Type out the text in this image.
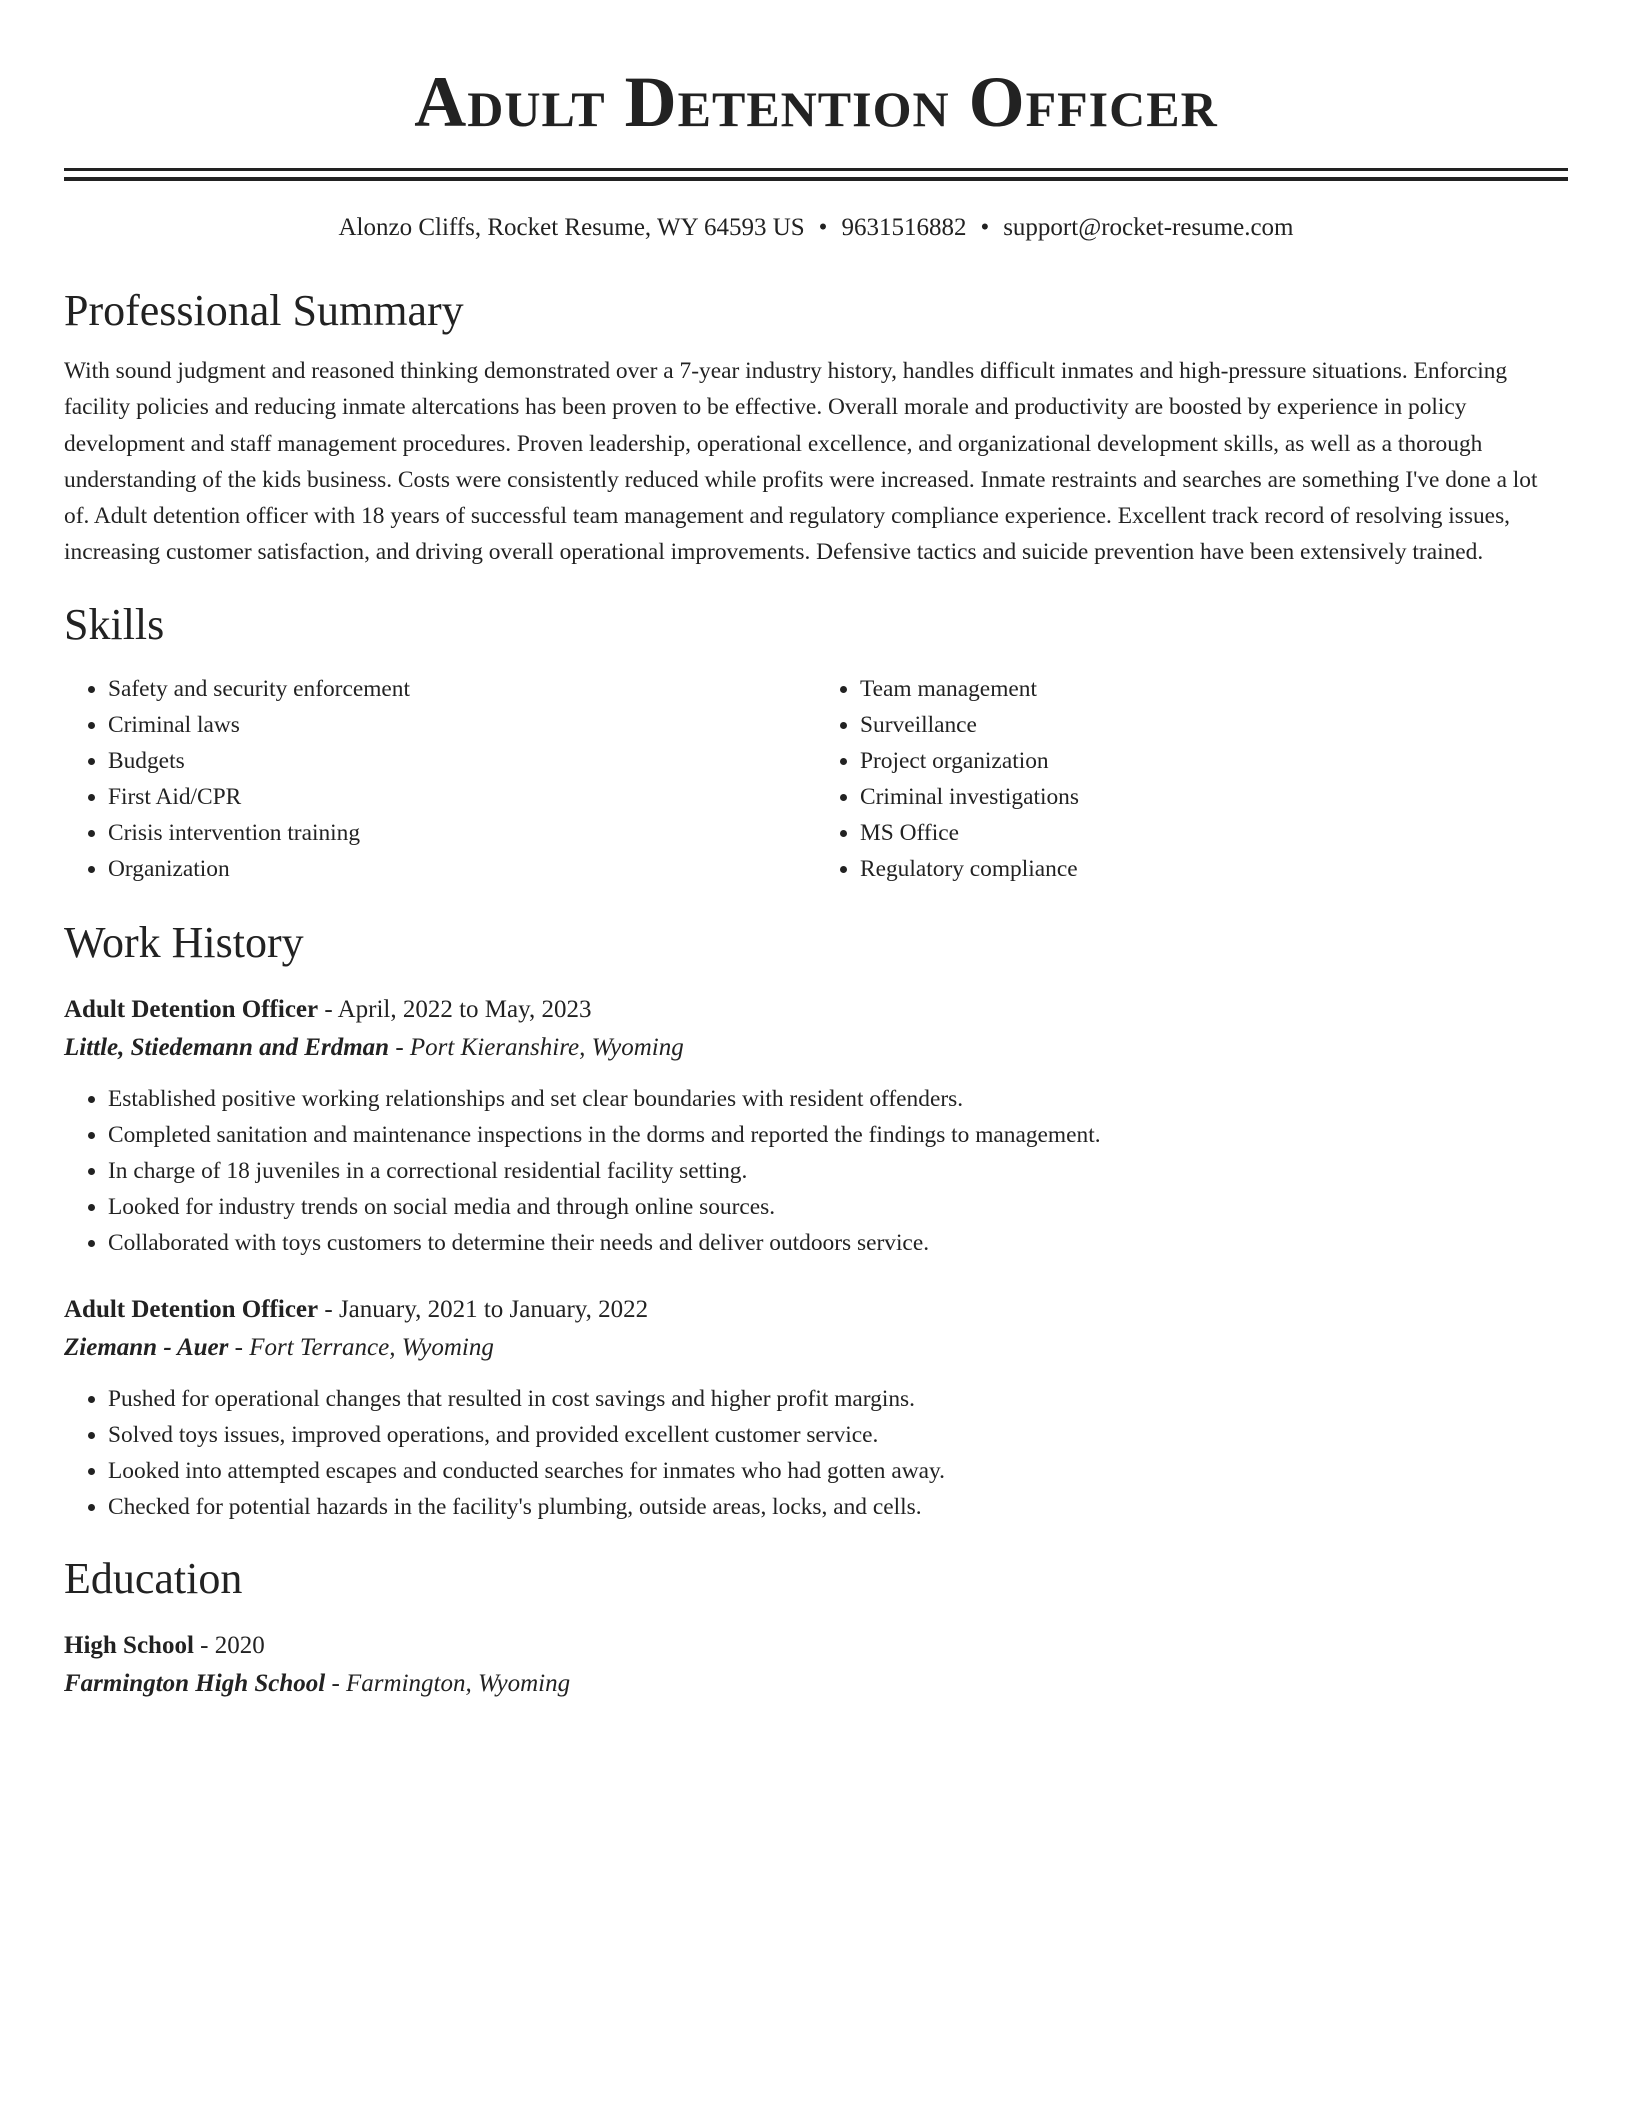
Adult Detention Officer
Alonzo Cliffs, Rocket Resume, WY 64593 US • 9631516882 • support@rocket-resume.com
Professional Summary

With sound judgment and reasoned thinking demonstrated over a 7-year industry history, handles difficult inmates and high-pressure situations. Enforcing facility policies and reducing inmate altercations has been proven to be effective. Overall morale and productivity are boosted by experience in policy development and staff management procedures. Proven leadership, operational excellence, and organizational development skills, as well as a thorough understanding of the kids business. Costs were consistently reduced while profits were increased. Inmate restraints and searches are something I've done a lot of. Adult detention officer with 18 years of successful team management and regulatory compliance experience. Excellent track record of resolving issues, increasing customer satisfaction, and driving overall operational improvements. Defensive tactics and suicide prevention have been extensively trained.

Skills
• Safety and security enforcement
• Criminal laws
• Budgets
• First Aid/CPR
• Crisis intervention training
• Organization
• Team management
• Surveillance
• Project organization
• Criminal investigations
• MS Office
• Regulatory compliance
Work History
Adult Detention Officer - April, 2022 to May, 2023
Little, Stiedemann and Erdman - Port Kieranshire, Wyoming
• Established positive working relationships and set clear boundaries with resident offenders.
• Completed sanitation and maintenance inspections in the dorms and reported the findings to management.
• In charge of 18 juveniles in a correctional residential facility setting.
• Looked for industry trends on social media and through online sources.
• Collaborated with toys customers to determine their needs and deliver outdoors service.
Adult Detention Officer - January, 2021 to January, 2022
Ziemann - Auer - Fort Terrance, Wyoming
• Pushed for operational changes that resulted in cost savings and higher profit margins.
• Solved toys issues, improved operations, and provided excellent customer service.
• Looked into attempted escapes and conducted searches for inmates who had gotten away.
• Checked for potential hazards in the facility's plumbing, outside areas, locks, and cells.
Education
High School - 2020
Farmington High School - Farmington, Wyoming
